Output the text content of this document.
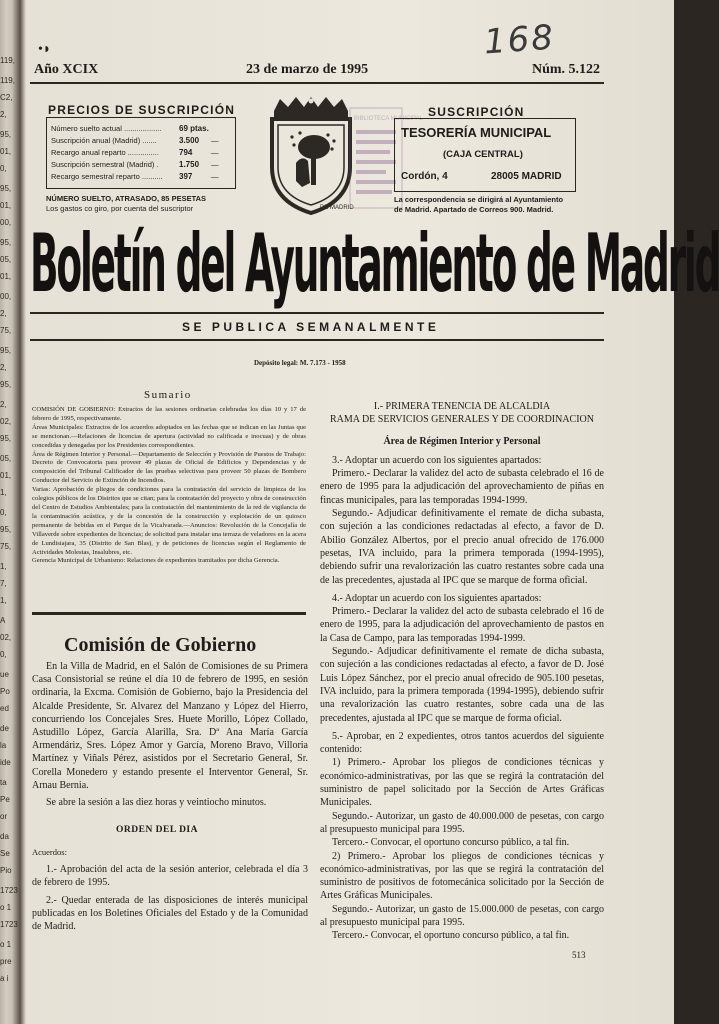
119,
119,
C2,
2,
95,
01,
0,
95,
01,
00,
95,
05,
01,
00,
2,
75,
95,
2,
95,
2,
02,
95,
05,
01,
1,
0,
95,
75,
1,
7,
1,
A
02,
0,
ue
Po
ed
de
la
ide
ta
Pe
or
da
Se
Pio
1723
o 1
1723
o 1
pre
a i
•◗	168
Año XCIX	23 de marzo de 1995	Núm. 5.122
PRECIOS DE SUSCRIPCIÓN
Número suelto actual .................. 69 ptas.
Suscripción anual (Madrid) .......	3.500 —
Recargo anual reparto ...............	794 —
Suscripción semestral (Madrid) .	1.750 —
Recargo semestral reparto .......... 397 —
NÚMERO SUELTO, ATRASADO, 85 PESETAS
Los gastos co giro, por cuenta del suscriptor	DE MADRID
BIBLIOTECA MUNICIPAL SUSCRIPCIÓN
TESORERÍA MUNICIPAL
(CAJA CENTRAL)
Cordón, 4	28005 MADRID
La correspondencia se dirigirá al Ayuntamiento
de Madrid. Apartado de Correos 900. Madrid.
Boletín del Ayuntamiento de Madrid
SE PUBLICA SEMANALMENTE
Depósito legal: M. 7.173 - 1958
Sumario

COMISIÓN DE GOBIERNO: Extractos de las sesiones ordinarias celebradas los días 10 y 17 de febrero de 1995, respectivamente.

Áreas Municipales: Extractos de los acuerdos adoptados en las fechas que se indican en las Juntas que se mencionan.—Relaciones de licencias de apertura (actividad no calificada e inocuas) y de obras concedidas y denegadas por los Presidentes correspondientes.

Área de Régimen Interior y Personal.—Departamento de Selección y Provisión de Puestos de Trabajo: Decreto de Convocatoria para proveer 49 plazas de Oficial de Edificios y Dependencias y de composición del Tribunal Calificador de las pruebas selectivas para proveer 50 plazas de Bombero Conductor del Servicio de Extinción de Incendios.

Varias: Aprobación de pliegos de condiciones para la contratación del servicio de limpieza de los colegios públicos de los Distritos que se citan; para la contratación del proyecto y obra de construcción del Centro de Estudios Ambientales; para la contratación del mantenimiento de la red de vigilancia de la contaminación acústica, y de la concesión de la construcción y explotación de un quiosco permanente de bebidas en el Parque de la Vicalvarada.—Anuncios: Revolución de la Concejalía de Villaverde sobre expedientes de licencias; de solicitud para instalar una terraza de veladores en la acera de Lundisiajara, 35 (Distrito de San Blas), y de peticiones de licencias según el Reglamento de Actividades Molestas, Insalubres, etc.

Gerencia Municipal de Urbanismo: Relaciones de expedientes tramitados por dicha Gerencia.

Comisión de Gobierno

En la Villa de Madrid, en el Salón de Comisiones de su Primera Casa Consistorial se reúne el día 10 de febrero de 1995, en sesión ordinaria, la Excma. Comisión de Gobierno, bajo la Presidencia del Alcalde Presidente, Sr. Alvarez del Manzano y López del Hierro, concurriendo los Concejales Sres. Huete Morillo, López Collado, Astudillo López, García Alarilla, Sra. Dª Ana María García Armendáriz, Sres. López Amor y García, Moreno Bravo, Villoria Martínez y Viñals Pérez, asistidos por el Secretario General, Sr. Corella Monedero y estando presente el Interventor General, Sr. Arnau Bernia.

Se abre la sesión a las diez horas y veintiocho minutos.

ORDEN DEL DIA

Acuerdos:

1.- Aprobación del acta de la sesión anterior, celebrada el día 3 de febrero de 1995.

2.- Quedar enterada de las disposiciones de interés municipal publicadas en los Boletines Oficiales del Estado y de la Comunidad de Madrid.

I.- PRIMERA TENENCIA DE ALCALDIA

RAMA DE SERVICIOS GENERALES Y DE COORDINACION

Área de Régimen Interior y Personal

3.- Adoptar un acuerdo con los siguientes apartados:

Primero.- Declarar la validez del acto de subasta celebrado el 16 de enero de 1995 para la adjudicación del aprovechamiento de piñas en fincas municipales, para las temporadas 1994-1999.

Segundo.- Adjudicar definitivamente el remate de dicha subasta, con sujeción a las condiciones redactadas al efecto, a favor de D. Abilio González Albertos, por el precio anual ofrecido de 176.000 pesetas, IVA incluido, para la primera temporada (1994-1995), debiendo sufrir una revalorización las cuatro restantes sobre cada una de las precedentes, ajustada al IPC que se marque de forma oficial.

4.- Adoptar un acuerdo con los siguientes apartados:

Primero.- Declarar la validez del acto de subasta celebrado el 16 de enero de 1995, para la adjudicación del aprovechamiento de pastos en la Casa de Campo, para las temporadas 1994-1999.

Segundo.- Adjudicar definitivamente el remate de dicha subasta, con sujeción a las condiciones redactadas al efecto, a favor de D. José Luis López Sánchez, por el precio anual ofrecido de 905.100 pesetas, IVA incluido, para la primera temporada (1994-1995), debiendo sufrir una revalorización las cuatro restantes, sobre cada una de las precedentes, ajustada al IPC que se marque de forma oficial.

5.- Aprobar, en 2 expedientes, otros tantos acuerdos del siguiente contenido:

1) Primero.- Aprobar los pliegos de condiciones técnicas y económico-administrativas, por las que se regirá la contratación del suministro de papel solicitado por la Sección de Artes Gráficas Municipales.

Segundo.- Autorizar, un gasto de 40.000.000 de pesetas, con cargo al presupuesto municipal para 1995.

Tercero.- Convocar, el oportuno concurso público, a tal fin.

2) Primero.- Aprobar los pliegos de condiciones técnicas y económico-administrativas, por las que se regirá la contratación del suministro de positivos de fotomecánica solicitado por la Sección de Artes Gráficas Municipales.

Segundo.- Autorizar, un gasto de 15.000.000 de pesetas, con cargo al presupuesto municipal para 1995.

Tercero.- Convocar, el oportuno concurso público, a tal fin.

513
